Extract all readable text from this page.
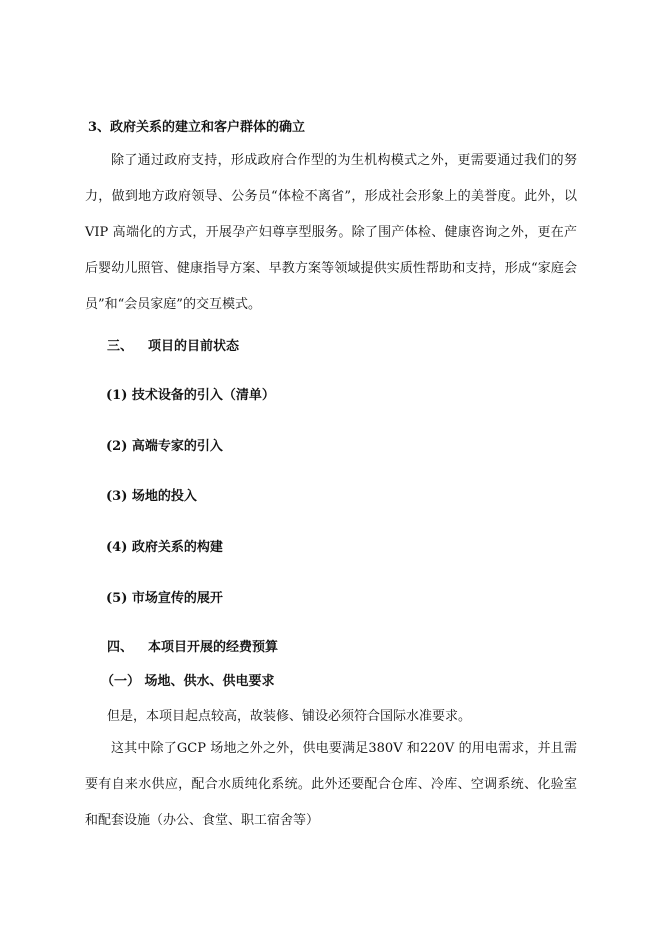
3、政府关系的建立和客户群体的确立
除了通过政府支持，形成政府合作型的为生机构模式之外，更需要通过我们的努力，做到地方政府领导、公务员“体检不离省”，形成社会形象上的美誉度。此外，以VIP 高端化的方式，开展孕产妇尊享型服务。除了围产体检、健康咨询之外，更在产后婴幼儿照管、健康指导方案、早教方案等领域提供实质性帮助和支持，形成“家庭会员”和“会员家庭”的交互模式。
三、 项目的目前状态
(1) 技术设备的引入（清单）
(2) 高端专家的引入
(3) 场地的投入
(4) 政府关系的构建
(5) 市场宣传的展开
四、 本项目开展的经费预算
（一） 场地、供水、供电要求
但是，本项目起点较高，故装修、铺设必须符合国际水准要求。
这其中除了GCP 场地之外之外，供电要满足380V 和220V 的用电需求，并且需要有自来水供应，配合水质纯化系统。此外还要配合仓库、冷库、空调系统、化验室和配套设施（办公、食堂、职工宿舍等）
